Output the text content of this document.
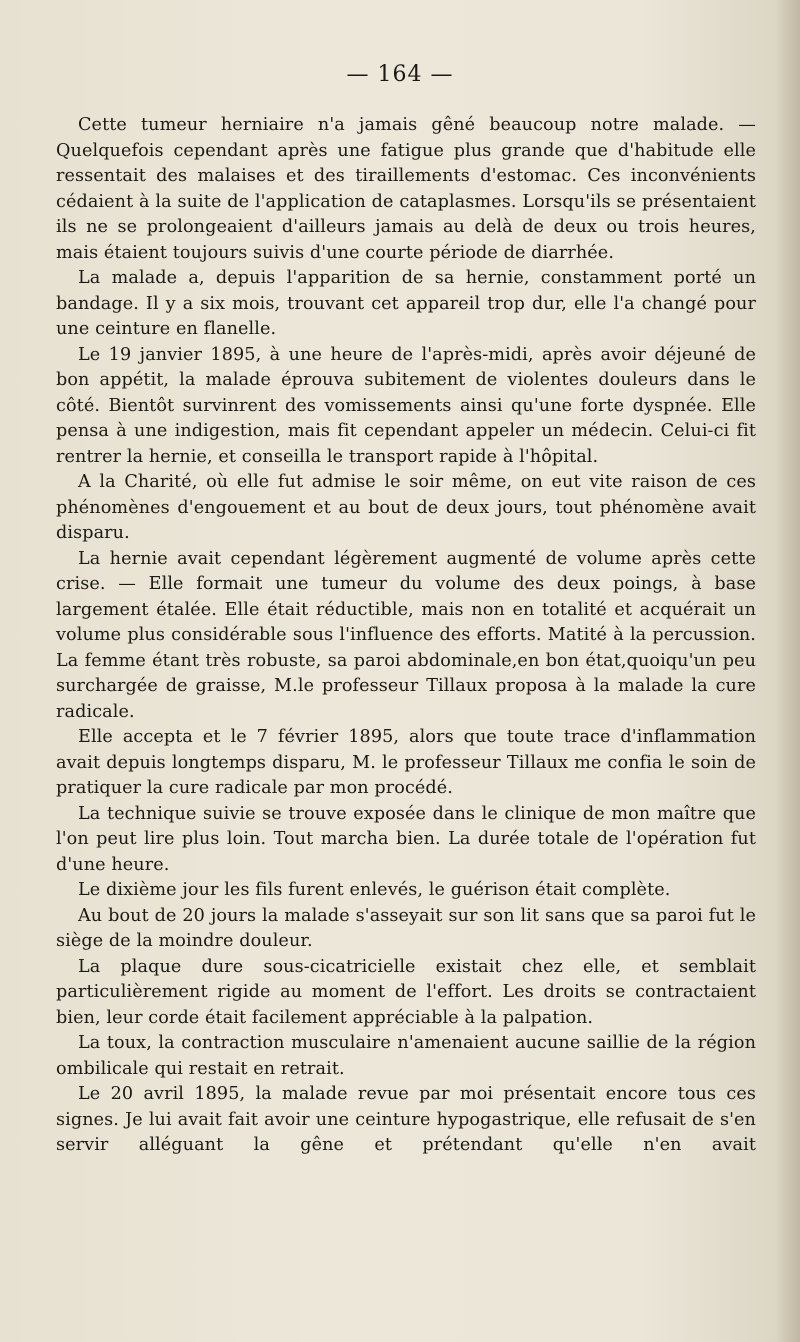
— 164 —

Cette tumeur herniaire n'a jamais gêné beaucoup notre malade. — Quelquefois cependant après une fatigue plus grande que d'habitude elle ressentait des malaises et des tiraillements d'estomac. Ces inconvénients cédaient à la suite de l'application de cataplasmes. Lorsqu'ils se présentaient ils ne se prolongeaient d'ailleurs jamais au delà de deux ou trois heures, mais étaient toujours suivis d'une courte période de diarrhée.

La malade a, depuis l'apparition de sa hernie, constamment porté un bandage. Il y a six mois, trouvant cet appareil trop dur, elle l'a changé pour une ceinture en flanelle.

Le 19 janvier 1895, à une heure de l'après-midi, après avoir déjeuné de bon appétit, la malade éprouva subitement de violentes douleurs dans le côté. Bientôt survinrent des vomissements ainsi qu'une forte dyspnée. Elle pensa à une indigestion, mais fit cependant appeler un médecin. Celui-ci fit rentrer la hernie, et conseilla le transport rapide à l'hôpital.

A la Charité, où elle fut admise le soir même, on eut vite raison de ces phénomènes d'engouement et au bout de deux jours, tout phénomène avait disparu.

La hernie avait cependant légèrement augmenté de volume après cette crise. — Elle formait une tumeur du volume des deux poings, à base largement étalée. Elle était réductible, mais non en totalité et acquérait un volume plus considérable sous l'influence des efforts. Matité à la percussion. La femme étant très robuste, sa paroi abdominale,en bon état,quoiqu'un peu surchargée de graisse, M.le professeur Tillaux proposa à la malade la cure radicale.

Elle accepta et le 7 février 1895, alors que toute trace d'inflammation avait depuis longtemps disparu, M. le professeur Tillaux me confia le soin de pratiquer la cure radicale par mon procédé.

La technique suivie se trouve exposée dans le clinique de mon maître que l'on peut lire plus loin. Tout marcha bien. La durée totale de l'opération fut d'une heure.

Le dixième jour les fils furent enlevés, le guérison était complète.

Au bout de 20 jours la malade s'asseyait sur son lit sans que sa paroi fut le siège de la moindre douleur.

La plaque dure sous-cicatricielle existait chez elle, et semblait particulièrement rigide au moment de l'effort. Les droits se contractaient bien, leur corde était facilement appréciable à la palpation.

La toux, la contraction musculaire n'amenaient aucune saillie de la région ombilicale qui restait en retrait.

Le 20 avril 1895, la malade revue par moi présentait encore tous ces signes. Je lui avait fait avoir une ceinture hypogastrique, elle refusait de s'en servir alléguant la gêne et prétendant qu'elle n'en avait
